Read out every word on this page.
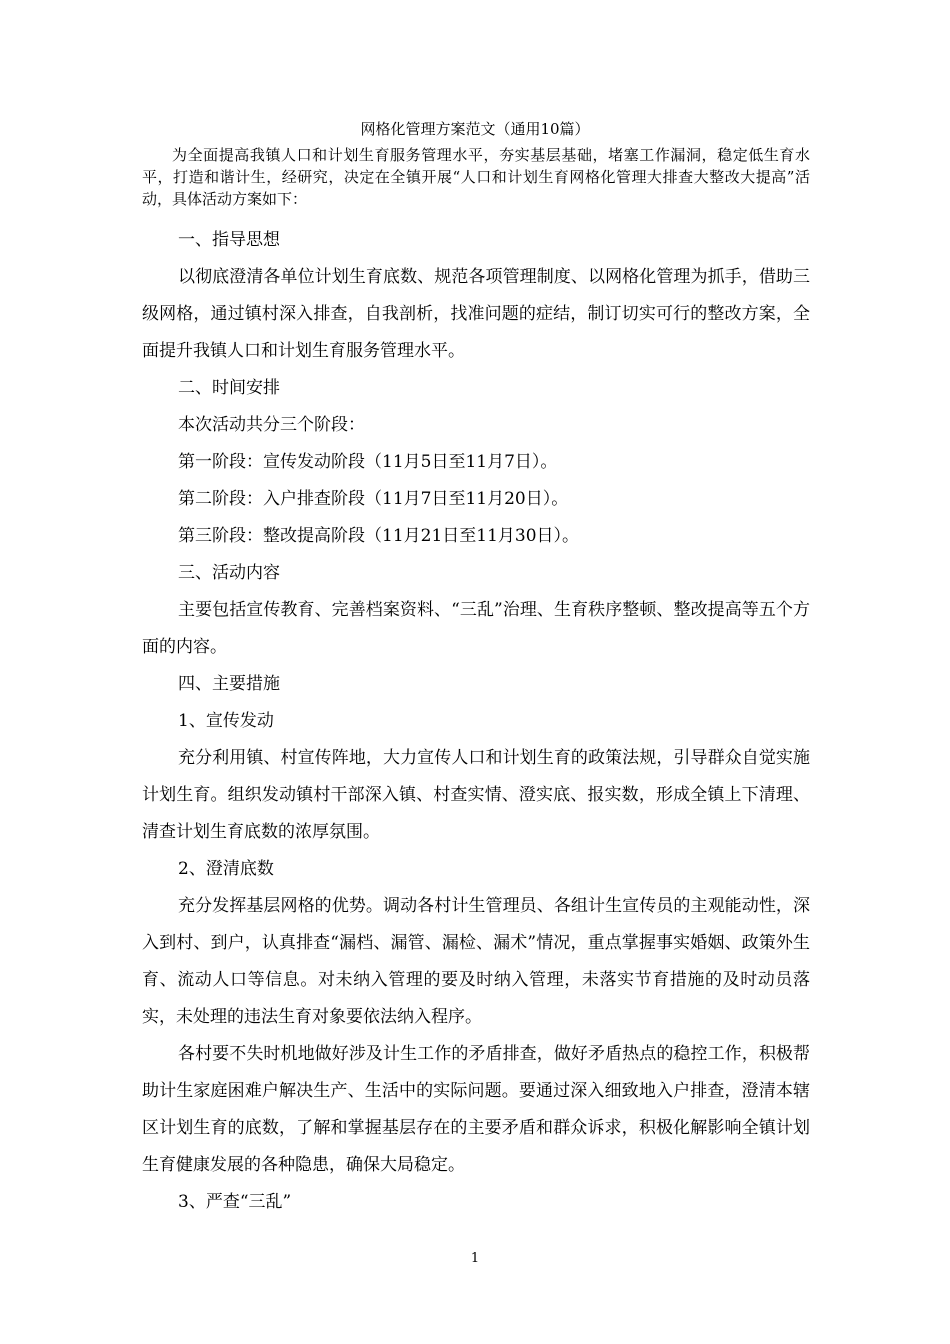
网格化管理方案范文（通用10篇）

为全面提高我镇人口和计划生育服务管理水平，夯实基层基础，堵塞工作漏洞，稳定低生育水平，打造和谐计生，经研究，决定在全镇开展“人口和计划生育网格化管理大排查大整改大提高”活动，具体活动方案如下：

一、指导思想

以彻底澄清各单位计划生育底数、规范各项管理制度、以网格化管理为抓手，借助三级网格，通过镇村深入排查，自我剖析，找准问题的症结，制订切实可行的整改方案，全面提升我镇人口和计划生育服务管理水平。

二、时间安排

本次活动共分三个阶段：

第一阶段：宣传发动阶段（11月5日至11月7日）。

第二阶段：入户排查阶段（11月7日至11月20日）。

第三阶段：整改提高阶段（11月21日至11月30日）。

三、活动内容

主要包括宣传教育、完善档案资料、“三乱”治理、生育秩序整顿、整改提高等五个方面的内容。

四、主要措施

1、宣传发动

充分利用镇、村宣传阵地，大力宣传人口和计划生育的政策法规，引导群众自觉实施计划生育。组织发动镇村干部深入镇、村查实情、澄实底、报实数，形成全镇上下清理、清查计划生育底数的浓厚氛围。

2、澄清底数

充分发挥基层网格的优势。调动各村计生管理员、各组计生宣传员的主观能动性，深入到村、到户，认真排查“漏档、漏管、漏检、漏术”情况，重点掌握事实婚姻、政策外生育、流动人口等信息。对未纳入管理的要及时纳入管理，未落实节育措施的及时动员落实，未处理的违法生育对象要依法纳入程序。

各村要不失时机地做好涉及计生工作的矛盾排查，做好矛盾热点的稳控工作，积极帮助计生家庭困难户解决生产、生活中的实际问题。要通过深入细致地入户排查，澄清本辖区计划生育的底数，了解和掌握基层存在的主要矛盾和群众诉求，积极化解影响全镇计划生育健康发展的各种隐患，确保大局稳定。

3、严查“三乱”

1
